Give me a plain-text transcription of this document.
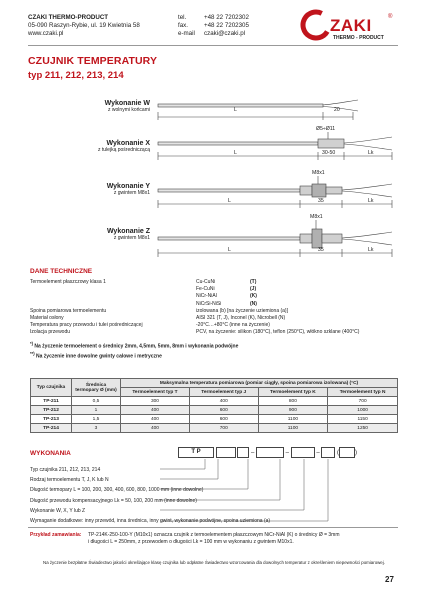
CZAKI THERMO-PRODUCT
05-090 Raszyn-Rybie, ul. 19 Kwietnia 58
www.czaki.pl
tel.	+48 22 7202302
fax.	+48 22 7202305
e-mail czaki@czaki.pl	ZAKI
THERMO - PRODUCT
®
CZUJNIK TEMPERATURY
typ 211, 212, 213, 214
Wykonanie W
z wolnymi końcami
Wykonanie X
z tulejką pośredniczącą
Wykonanie Y
z gwintem M8x1
Wykonanie Z
z gwintem M8x1
L	20
Ø5÷Ø11
L	30-50	Lk
M8x1
L	35	Lk
M8x1
L	35	Lk
DANE TECHNICZNE
Termoelement płaszczowy klasa 1	Cu-CuNi	(T)
Fe-CuNi	(J)
NiCr-NiAl	(K)
NiCrSi-NiSi	(N)
Spoina pomiarowa termoelementu	izolowana (b) [na życzenie uziemiona (a)]
Materiał osłony	AISI 321 (T, J), Inconel (K), Nicrobell (N)
Temperatura pracy przewodu i tulei pośredniczącej	-20°C…+80°C (inne na życzenie)
Izolacja przewodu	PCV, na życzenie: silikon (180°C), teflon (250°C), włókno szklane (400°C)
*) Na życzenie termoelement o średnicy 2mm, 4,5mm, 5mm, 8mm i wykonania podwójne
**) Na życzenie inne dowolne gwinty calowe i metryczne
Typ czujnika	Średnica termopary Ø (mm)	Maksymalna temperatura pomiarowa (pomiar ciągły, spoina pomiarowa izolowana) (°C)			
		Termoelement typ T	Termoelement typ J	Termoelement typ K	Termoelement typ N
TP-211	0,5	300	400	800	700
TP-212	1	400	600	900	1000
TP-213	1,5	400	600	1100	1150
TP-214	3	400	700	1100	1250
WYKONANIA	T P	–	–	–  (	)
Typ czujnika 211, 212, 213, 214
Rodzaj termoelementu T, J, K lub N
Długość termopary L = 100, 200, 300, 400, 600, 800, 1000 mm (inne dowolne)
Długość przewodu kompensacyjnego Lk = 50, 100, 200 mm (inne dowolne)
Wykonanie W, X, Y lub Z
Wymaganie dodatkowe: inny przewód, inna średnica, inny gwint, wykonanie podwójne, spoina uziemiona (a)
Przykład zamawiania: TP-214K-250-100-Y (M10x1) oznacza czujnik z termoelementem płaszczowym NiCr-NiAl (K) o średnicy Ø = 3mm
i długości L = 250mm, z przewodem o długości Lk = 100 mm w wykonaniu z gwintem M10x1.
Na życzenie bezpłatne Świadectwo jakości określające klasę czujnika lub odpłatne Świadectwo wzorcowania dla dowolnych temperatur z określeniem niepewności pomiarowej.
27
